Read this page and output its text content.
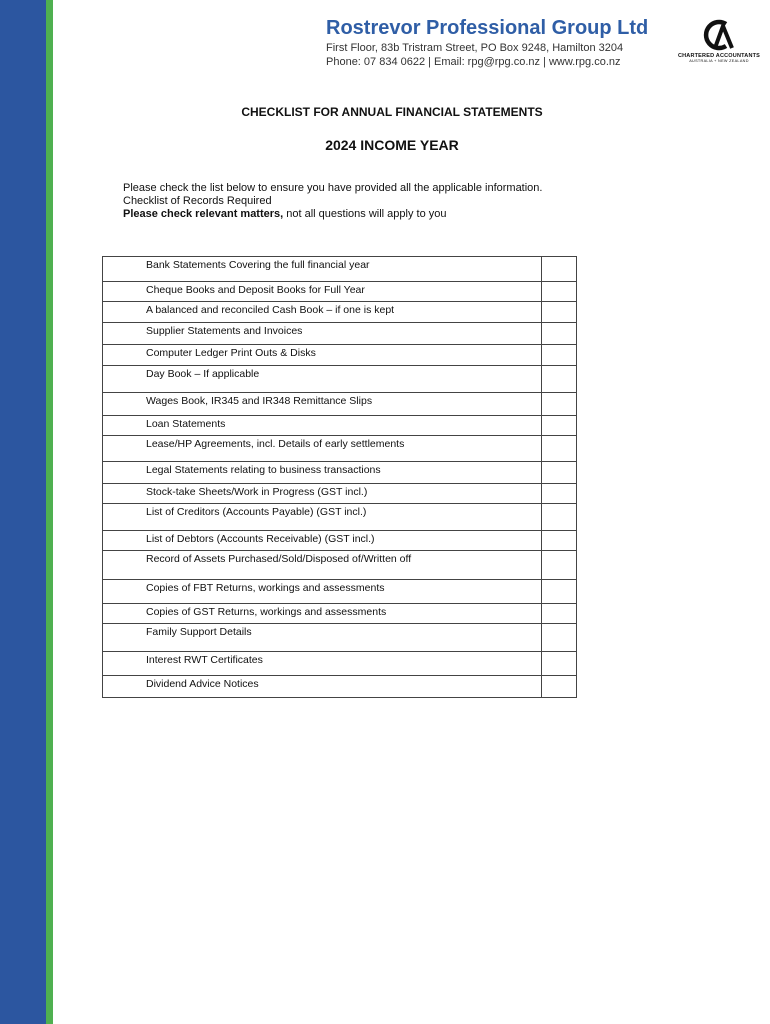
Rostrevor Professional Group Ltd
First Floor, 83b Tristram Street, PO Box 9248, Hamilton 3204
Phone: 07 834 0622 | Email: rpg@rpg.co.nz | www.rpg.co.nz	CHARTERED ACCOUNTANTS
AUSTRALIA + NEW ZEALAND
CHECKLIST FOR ANNUAL FINANCIAL STATEMENTS
2024 INCOME YEAR
Please check the list below to ensure you have provided all the applicable information.
Checklist of Records Required
Please check relevant matters, not all questions will apply to you
Bank Statements Covering the full financial year	
Cheque Books and Deposit Books for Full Year	
A balanced and reconciled Cash Book – if one is kept	
Supplier Statements and Invoices	
Computer Ledger Print Outs & Disks	
Day Book – If applicable	
Wages Book, IR345 and IR348 Remittance Slips	
Loan Statements	
Lease/HP Agreements, incl. Details of early settlements	
Legal Statements relating to business transactions	
Stock-take Sheets/Work in Progress (GST incl.)	
List of Creditors (Accounts Payable) (GST incl.)	
List of Debtors (Accounts Receivable) (GST incl.)	
Record of Assets Purchased/Sold/Disposed of/Written off	
Copies of FBT Returns, workings and assessments	
Copies of GST Returns, workings and assessments	
Family Support Details	
Interest RWT Certificates	
Dividend Advice Notices	
